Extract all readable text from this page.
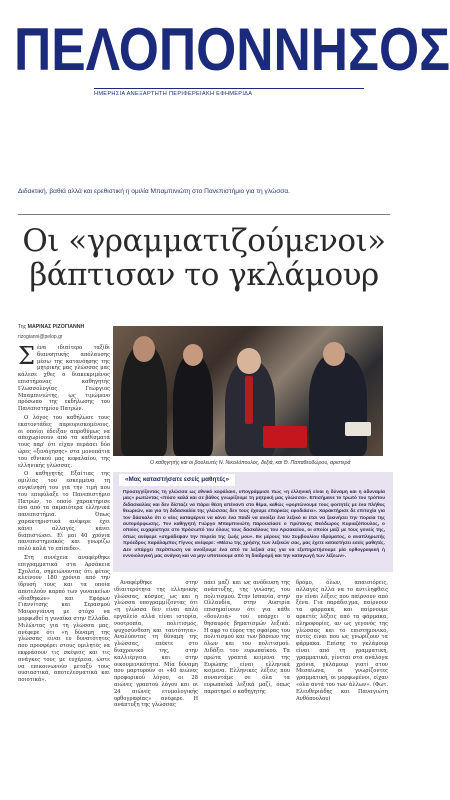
ΠΕΛΟΠΟΝΝΗΣΟΣ
ΗΜΕΡΗΣΙΑ ΑΝΕΞΑΡΤΗΤΗ ΠΕΡΙΦΕΡΕΙΑΚΗ ΕΦΗΜΕΡΙΔΑ
Διδακτική, βαθιά αλλά και ερεθιστική η ομιλία Μπαμπινιώτη στο Πανεπιστήμιο για τη γλώσσα.
Οι «γραμματιζούμενοι»
βάπτισαν το γκλάμουρ
Της ΜΑΡΙΝΑΣ ΡΙΖΟΓΙΑΝΝΗ
rizogianni@pelop.gr
Ο καθηγητής και οι βουλευτές Ν. Νικολόπουλος, δεξιά, και Θ. Παπαθεοδώρου, αριστερά
«Μας καταστήσατε εσείς μαθητές»
Προσεγγίζοντας τη γλώσσα ως εθνικό κεφάλαιο, υπογράμμισε πως «η ελληνική είναι η δύναμη και η αδυναμία μας» ρωτώντας «πόσο καλά και σε βάθος γνωρίζουμε τη μητρική μας γλώσσα». Επισήμανε το τρωτό του τρόπου διδασκαλίας και δεν δίσταζε να πάρει θέση απέναντι στο θέμα, καθώς «φορτώνουμε τους φοιτητές με ένα πλήθος θεωριών, και για τη διδασκαλία της γλώσσας δεν τους έχουμε επαρκώς εφοδιάσει». Χαρακτήρισε δε επιτυχία για τον δάσκαλο ότι ο νέος καταφέρνει να κάνει ένα παιδί να ανοίξει ένα λεξικό κι έτσι να ξεκινήσει την πορεία της αυτομόρφωσης. Τον καθηγητή Γιώργο Μπαμπινιώτη παρουσίασε ο πρύτανης Θεόδωρος Κυριαζόπουλος, ο οποίος ευχαρίστησε στο πρόσωπό του όλους τους δασκάλους του Αρσακείου, οι οποίοι μαζί με τους γονείς της, όπως ανέφερε «σημάδεψαν την πορεία της ζωής μου». Εκ μέρους του Συμβουλίου Ιδρύματος, ο αναπληρωτής πρόεδρος Χαράλαμπος Γίγνος ανέφερε: «Μέσω της χρήσης των λεξικών σας, μας έχετε καταστήσει εσείς μαθητές. Δεν υπάρχει περίπτωση να ανοίξουμε ένα από τα λεξικά σας για να εξυπηρετήσουμε μία ορθογραφική ή εννοιολογική μας ανάγκη και να μην υποτειουμε από τη διαδρομή και την καταγωγή των λέξεων».

Σένα ιδιαίτερο ταξίδι διανοητικής απόλαυσης μέσω της κατανόησης της μητρικής μας γλώσσας μας κάλεσε χθες ο διακεκριμένος επιστήμονας καθηγητής Γλωσσολογίας Γεώργιος Μπαμπινιώτης, ως τιμώμενο πρόσωπο της εκδήλωσης του Πανεπιστημίου Πατρών.

Ο λόγος του καθήλωσε τους εκατοντάδες παρευρισκομένους, οι οποίοι έδειξαν απροθύμως να αποχωρίσουν από τα καθίσματά τους παρ' ότι είχαν περάσει δύο ώρες «ξενάγησης» στα μονοπάτια του εθνικού μας κεφαλαίου, της ελληνικής γλώσσας.

Ο καθηγητής Εξαίτιας της ομιλίας του εσκεμμένα τη συγκίνησή του για την τιμή που του επιφύλαξε το Πανεπιστήμιο Πατρών, το οποίο χαρακτήρισε ένα από τα ακμαιότερα ελληνικά πανεπιστήμια. Όπως χαρακτηριστικά ανέφερε έχει κάνει αλλαγές, κάνει διαπιστώσει. Εί μαι 40 χρόνια πανεπιστημιακός και γνωρίζω πολύ καλά το επίπεδο».

Στη συνέχεια αναφέρθηκε επιγραμματικά στα Αρσάκεια Σχολεία, σημειώνοντας ότι φέτος κλείνουν 180 χρόνια από την ίδρυσή τους και τα οποία αποτελούν καρπό των γυναικείων «διαθηκών» και Εφόρων Γιαννίτσης και Σερασμού Μαυρογιάννη με στόχο να μορφωθεί η γυναίκα στην Ελλάδα. Μιλώντας για τη γλώσσα μας, ανέφερε ότι «η δύναμη της γλώσσας είναι ευ δυνατότητες που προσφέρει στους ομιλητές να εκφράσουν τις σκέψεις και τις ανάγκες τους με ευχέρεια, ώστε να επικοινωνούν μεταξύ τους ουσιαστικά, αποτελεσματικά και ποιοτικά».

Αναφέρθηκε στην ιδιαιτερότητα της ελληνικής γλώσσας, κόσμος, ως και η γλώσσα υπογραμμίζοντας ότι «η γλώσσα δεν είναι απλό εργαλείο αλλά είναι ιστορία, νοοτροπία, πολιτισμός, ψυχοσύνθεση και ταυτότητα». Αναλύοντας τη δύναμη της γλώσσας, επέκτε στο διαχρονικό της, στην καλλιέργεια και στην οικουμενικότητα. Μία δύναμη που μαρτυρούν οι «40 αιώνες προφορικού λόγου, οι 28 αιώνες γραπτού λόγου και οι 24 αιώνες ετυμολογικής ορθογραφίας» ανέφερε. Η ανάπτυξη της γλώσσας

πάει μαζί και ως ανόδευση της ανάπτυξης, της γνώσης, του πολιτισμού. Στην Ισπανία, στην Ολλανδία, στην Αυστρία επισημαίνουν ότι για κάθε «δουλειά» του υπάρχει ο θησαυρός βηματισμών λεξικά. Η αφρ το εύρος της σφαίρας του πολιτισμού και των βάσεων της όλων και του πολιτισμού. Διδάξει του ευρωπαϊκού. Τα πρώτα γραπτά κείμενα της Ευρώπης είναι ελληνικά κείμενα. Ελληνικές λέξεις που συναντάμε σε όλα τα ευρωπαϊκά λεξικά μαζί, όπως παρατηρεί ο καθηγητής

δρόμο, όλων, απαισιόρεις, αλλαγές αλλά να το αντιληφθείς αν είναι λέξεις που παίρνουν από ξένα. Για παράδειγμα, παίρνουν τα φάρμακα, και παίρνουμε αρκετές λέξεις από τα φάρμακα, πληροφορίες, αν ως γεγονός της γλώσσας και το επιστημονικό, αυτές είναι που ως γνωρίζουν τα φάρμακα. Επίσης το γκλάμουρ είναι από τη γραμματική, γραμματικά, γίνεται στα ανάλογα χρόνια, γκλάμουρ γιατί στον Μεσαίωνα, οι γνωρίζοντες γραμματική, οι μορφωμένοι, είχαν «όλα αυτά του των άλλων». (Φωτ. Ελευθεριάδης και Παναγιώτη Ανθόπουλου)
